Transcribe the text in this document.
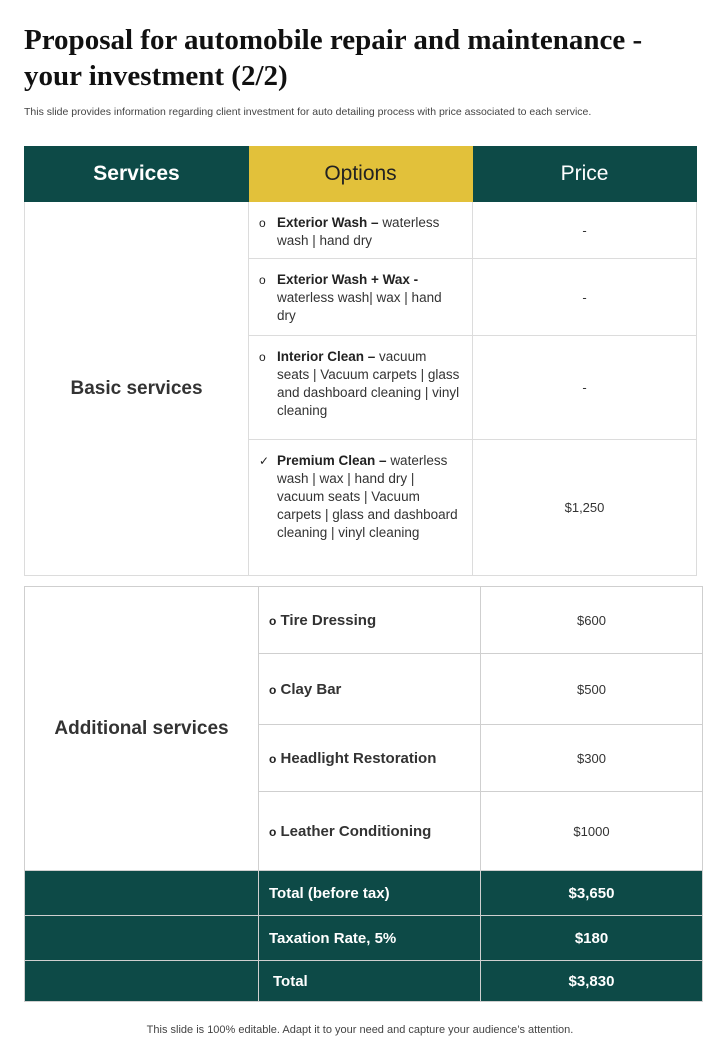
Proposal for automobile repair and maintenance - your investment (2/2)
This slide provides information regarding client investment for auto detailing process with price associated to each service.
Services	Options	Price
Basic services	o Exterior Wash – waterless wash | hand dry	-

	o Exterior Wash + Wax - waterless wash| wax | hand dry	-

	o Interior Clean – vacuum seats | Vacuum carpets | glass and dashboard cleaning | vinyl cleaning	-

	✓ Premium Clean – waterless wash | wax | hand dry | vacuum seats | Vacuum carpets | glass and dashboard cleaning | vinyl cleaning	$1,250
Additional services	o Tire Dressing	$600
	o Clay Bar	$500
	o Headlight Restoration	$300
	o Leather Conditioning	$1000
	Total (before tax)	$3,650
	Taxation Rate, 5%	$180
	Total	$3,830
This slide is 100% editable. Adapt it to your need and capture your audience’s attention.
